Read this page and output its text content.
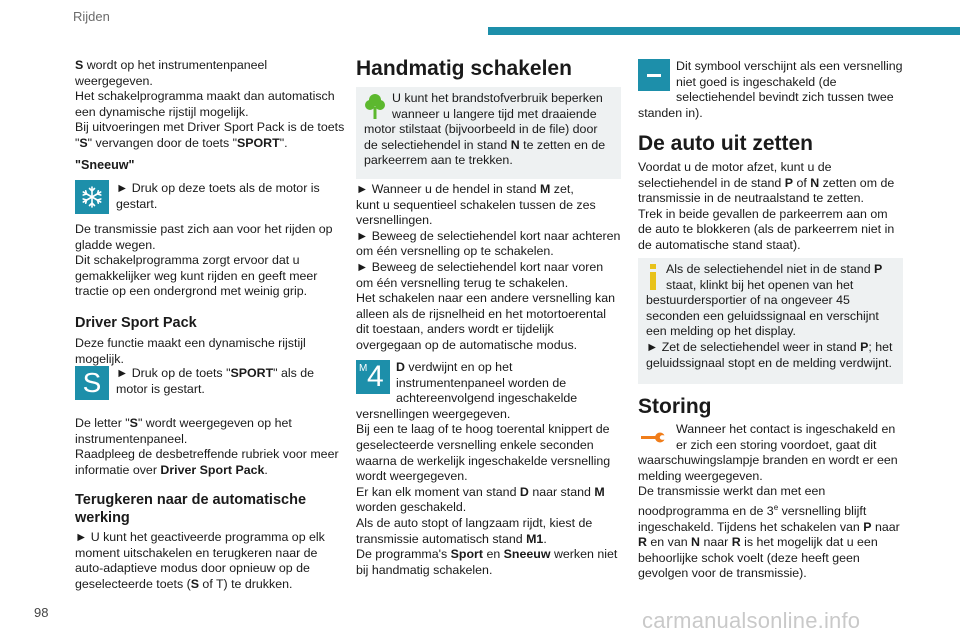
Rijden

S wordt op het instrumentenpaneel weergegeven.
Het schakelprogramma maakt dan automatisch een dynamische rijstijl mogelijk.
Bij uitvoeringen met Driver Sport Pack is de toets "S" vervangen door de toets "SPORT".

"Sneeuw"
► Druk op deze toets als de motor is gestart.

De transmissie past zich aan voor het rijden op gladde wegen.
Dit schakelprogramma zorgt ervoor dat u gemakkelijker weg kunt rijden en geeft meer tractie op een ondergrond met weinig grip.

Driver Sport Pack

Deze functie maakt een dynamische rijstijl mogelijk.

S ► Druk op de toets "SPORT" als de motor is gestart.

De letter "S" wordt weergegeven op het instrumentenpaneel.
Raadpleeg de desbetreffende rubriek voor meer informatie over Driver Sport Pack.

Terugkeren naar de automatische werking

► U kunt het geactiveerde programma op elk moment uitschakelen en terugkeren naar de auto-adaptieve modus door opnieuw op de geselecteerde toets (S of T) te drukken.

Handmatig schakelen
U kunt het brandstofverbruik beperken wanneer u langere tijd met draaiende motor stilstaat (bijvoorbeeld in de file) door de selectiehendel in stand N te zetten en de parkeerrem aan te trekken.

► Wanneer u de hendel in stand M zet,
kunt u sequentieel schakelen tussen de zes versnellingen.
► Beweeg de selectiehendel kort naar achteren om één versnelling op te schakelen.
► Beweeg de selectiehendel kort naar voren om één versnelling terug te schakelen.
Het schakelen naar een andere versnelling kan alleen als de rijsnelheid en het motortoerental dit toestaan, anders wordt er tijdelijk overgegaan op de automatische modus.

M 4 D verdwijnt en op het instrumentenpaneel worden de achtereenvolgend ingeschakelde versnellingen weergegeven.
Bij een te laag of te hoog toerental knippert de geselecteerde versnelling enkele seconden waarna de werkelijk ingeschakelde versnelling wordt weergegeven.
Er kan elk moment van stand D naar stand M worden geschakeld.
Als de auto stopt of langzaam rijdt, kiest de transmissie automatisch stand M1.
De programma's Sport en Sneeuw werken niet bij handmatig schakelen.
Dit symbool verschijnt als een versnelling niet goed is ingeschakeld (de selectiehendel bevindt zich tussen twee standen in).
De auto uit zetten

Voordat u de motor afzet, kunt u de selectiehendel in de stand P of N zetten om de transmissie in de neutraalstand te zetten.
Trek in beide gevallen de parkeerrem aan om de auto te blokkeren (als de parkeerrem niet in de automatische stand staat).

Als de selectiehendel niet in de stand P staat, klinkt bij het openen van het bestuurdersportier of na ongeveer 45 seconden een geluidssignaal en verschijnt een melding op het display.
► Zet de selectiehendel weer in stand P; het geluidssignaal stopt en de melding verdwijnt.
Storing
Wanneer het contact is ingeschakeld en er zich een storing voordoet, gaat dit waarschuwingslampje branden en wordt er een melding weergegeven.
De transmissie werkt dan met een noodprogramma en de 3e versnelling blijft ingeschakeld. Tijdens het schakelen van P naar R en van N naar R is het mogelijk dat u een behoorlijke schok voelt (deze heeft geen gevolgen voor de transmissie).
98	carmanualsonline.info
